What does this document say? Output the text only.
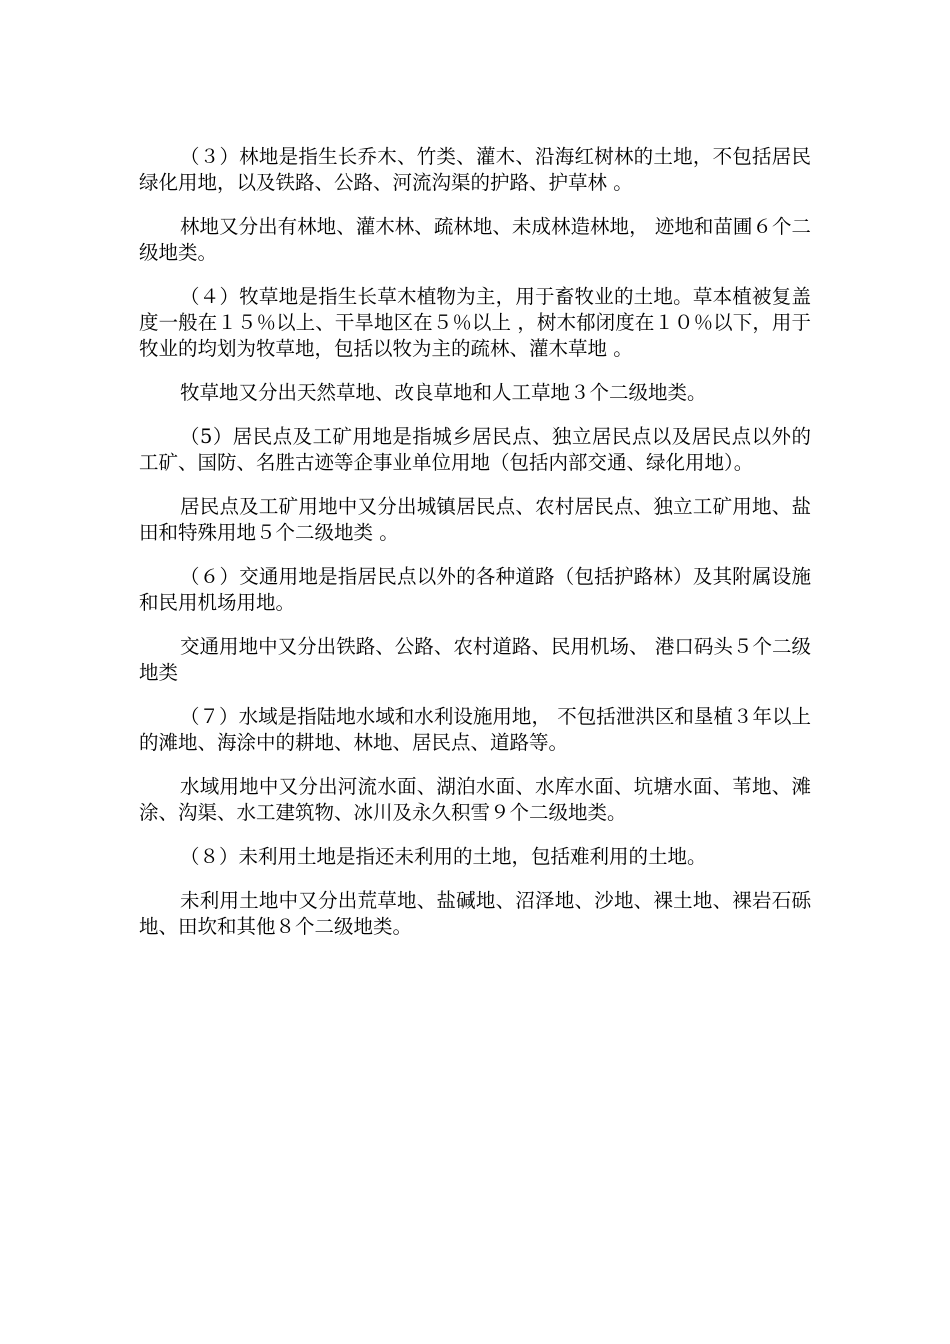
（３）林地是指生长乔木、竹类、灌木、沿海红树林的土地，不包括居民绿化用地，以及铁路、公路、河流沟渠的护路、护草林 。

林地又分出有林地、灌木林、疏林地、未成林造林地， 迹地和苗圃６个二级地类。

（４）牧草地是指生长草木植物为主，用于畜牧业的土地。草本植被复盖度一般在１５％以上、干旱地区在５％以上 ，树木郁闭度在１０％以下，用于牧业的均划为牧草地，包括以牧为主的疏林、灌木草地 。

牧草地又分出天然草地、改良草地和人工草地３个二级地类。

（5）居民点及工矿用地是指城乡居民点、独立居民点以及居民点以外的工矿、国防、名胜古迹等企事业单位用地（包括内部交通、绿化用地）。

居民点及工矿用地中又分出城镇居民点、农村居民点、独立工矿用地、盐田和特殊用地５个二级地类 。

（６）交通用地是指居民点以外的各种道路（包括护路林）及其附属设施和民用机场用地。

交通用地中又分出铁路、公路、农村道路、民用机场、 港口码头５个二级地类

（７）水域是指陆地水域和水利设施用地， 不包括泄洪区和垦植３年以上的滩地、海涂中的耕地、林地、居民点、道路等。

水域用地中又分出河流水面、湖泊水面、水库水面、坑塘水面、苇地、滩涂、沟渠、水工建筑物、冰川及永久积雪９个二级地类。

（８）未利用土地是指还未利用的土地，包括难利用的土地。

未利用土地中又分出荒草地、盐碱地、沼泽地、沙地、裸土地、裸岩石砾地、田坎和其他８个二级地类。
